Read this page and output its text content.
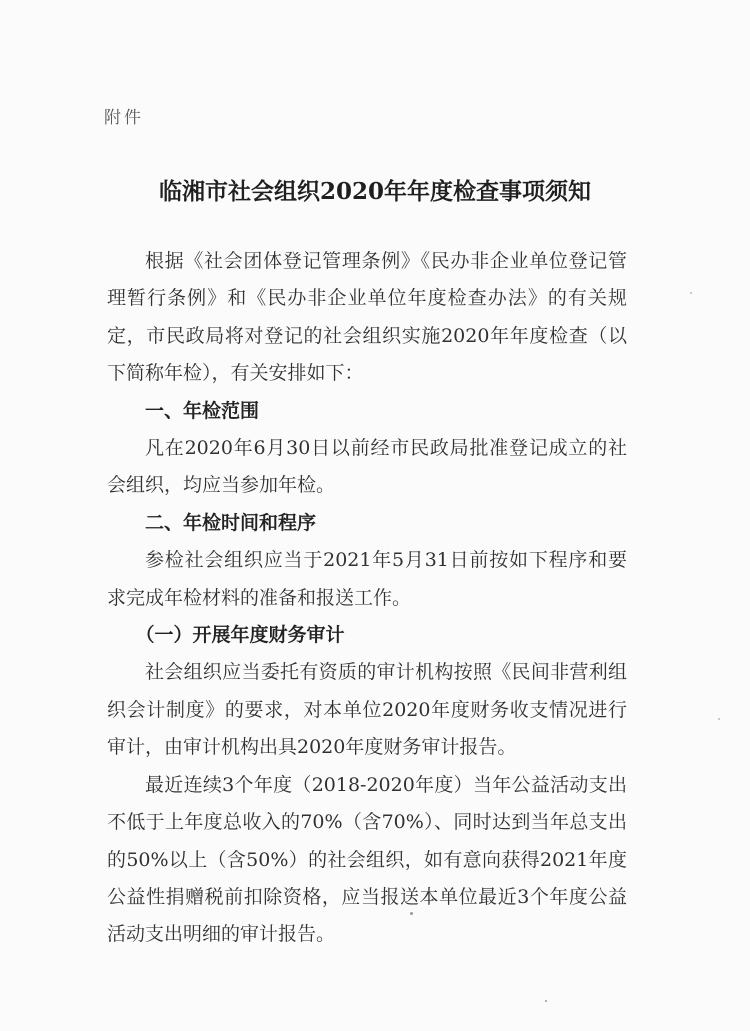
附件
临湘市社会组织2020年年度检查事项须知

根据《社会团体登记管理条例》《民办非企业单位登记管理暂行条例》和《民办非企业单位年度检查办法》的有关规定，市民政局将对登记的社会组织实施2020年年度检查（以下简称年检），有关安排如下：

一、年检范围

凡在2020年6月30日以前经市民政局批准登记成立的社会组织，均应当参加年检。

二、年检时间和程序

参检社会组织应当于2021年5月31日前按如下程序和要求完成年检材料的准备和报送工作。

（一）开展年度财务审计

社会组织应当委托有资质的审计机构按照《民间非营利组织会计制度》的要求，对本单位2020年度财务收支情况进行审计，由审计机构出具2020年度财务审计报告。

最近连续3个年度（2018-2020年度）当年公益活动支出不低于上年度总收入的70%（含70%）、同时达到当年总支出的50%以上（含50%）的社会组织，如有意向获得2021年度公益性捐赠税前扣除资格，应当报送本单位最近3个年度公益活动支出明细的审计报告。
